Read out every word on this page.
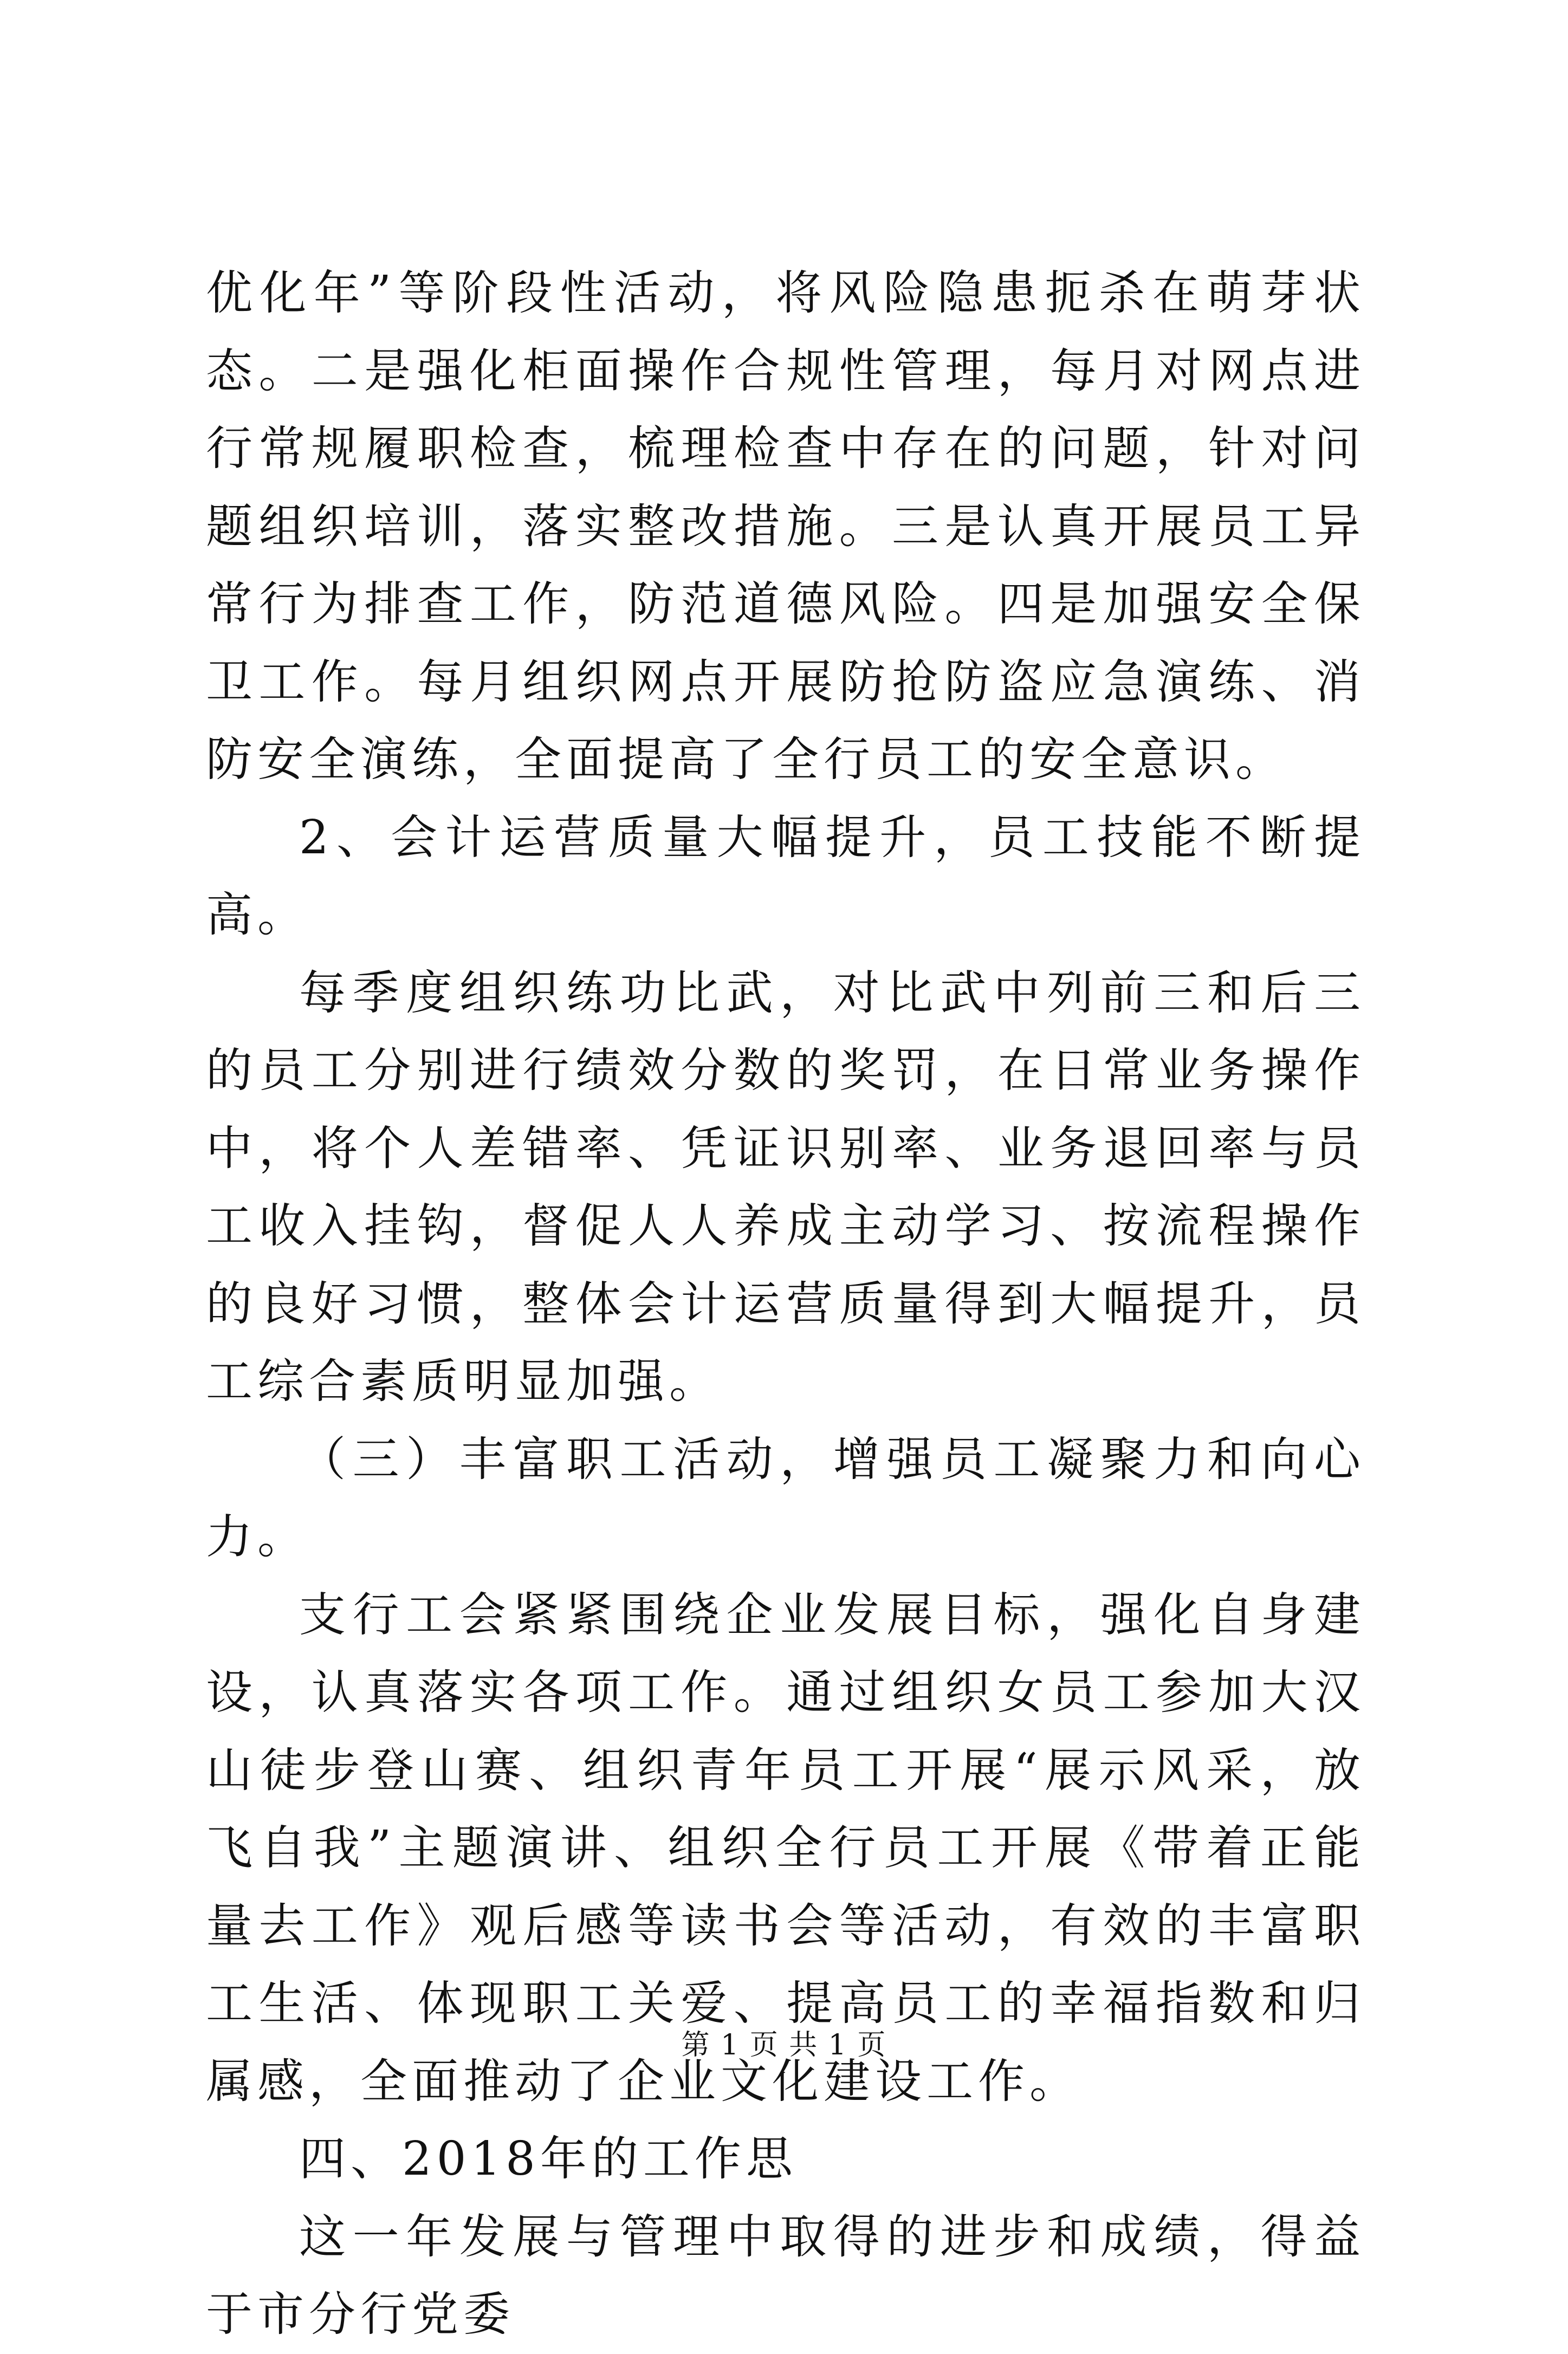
优化年”等阶段性活动，将风险隐患扼杀在萌芽状态。二是强化柜面操作合规性管理，每月对网点进行常规履职检查，梳理检查中存在的问题，针对问题组织培训，落实整改措施。三是认真开展员工异常行为排查工作，防范道德风险。四是加强安全保卫工作。每月组织网点开展防抢防盗应急演练、消防安全演练，全面提高了全行员工的安全意识。

2、会计运营质量大幅提升，员工技能不断提高。

每季度组织练功比武，对比武中列前三和后三的员工分别进行绩效分数的奖罚，在日常业务操作中，将个人差错率、凭证识别率、业务退回率与员工收入挂钩，督促人人养成主动学习、按流程操作的良好习惯，整体会计运营质量得到大幅提升，员工综合素质明显加强。

（三）丰富职工活动，增强员工凝聚力和向心力。

支行工会紧紧围绕企业发展目标，强化自身建设，认真落实各项工作。通过组织女员工参加大汉山徒步登山赛、组织青年员工开展“展示风采，放飞自我”主题演讲、组织全行员工开展《带着正能量去工作》观后感等读书会等活动，有效的丰富职工生活、体现职工关爱、提高员工的幸福指数和归属感，全面推动了企业文化建设工作。

四、2018年的工作思

这一年发展与管理中取得的进步和成绩，得益于市分行党委

第 1 页 共 1 页
